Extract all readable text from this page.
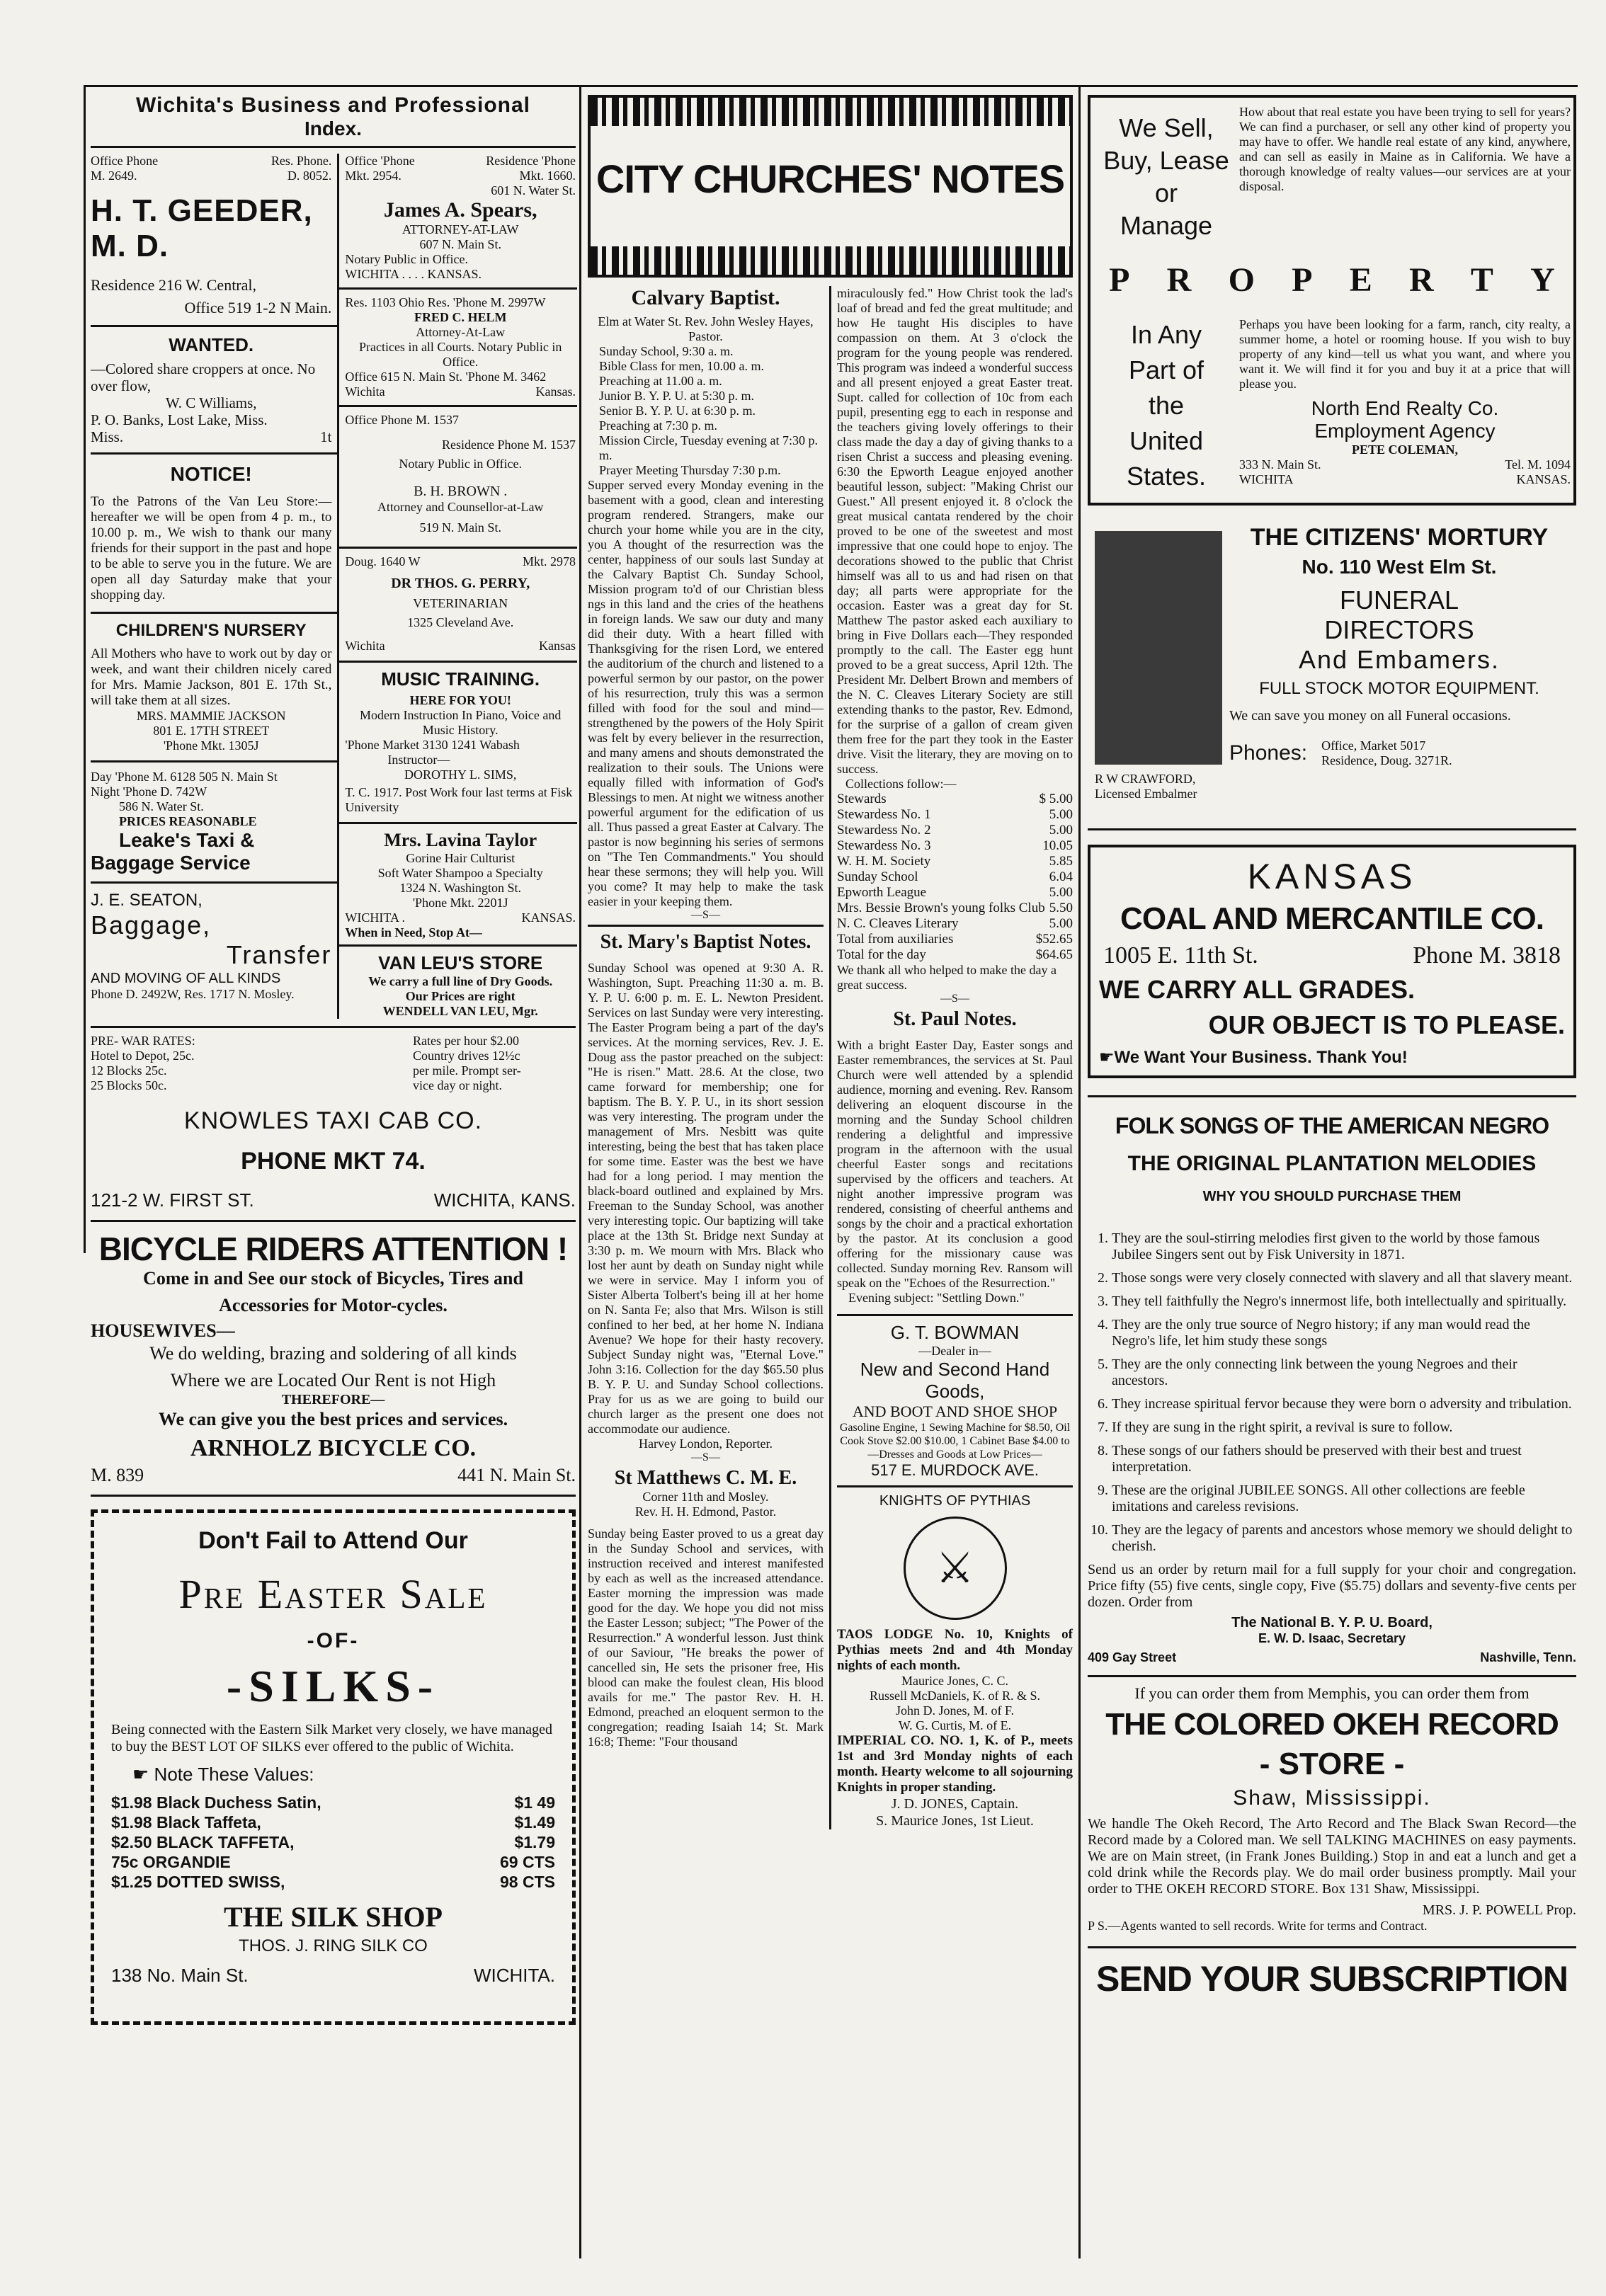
Wichita's Business and Professional
Index.
Office Phone
M. 2649.
Res. Phone.
D. 8052.
H. T. GEEDER, M. D.
Residence 216 W. Central,
Office 519 1-2 N Main.
WANTED.
—Colored share croppers at once. No over flow,
W. C Williams,
P. O. Banks, Lost Lake, Miss.
Miss.	1t
NOTICE!
To the Patrons of the Van Leu Store:—hereafter we will be open from 4 p. m., to 10.00 p. m., We wish to thank our many friends for their support in the past and hope to be able to serve you in the future. We are open all day Saturday make that your shopping day.
CHILDREN'S NURSERY
All Mothers who have to work out by day or week, and want their children nicely cared for Mrs. Mamie Jackson, 801 E. 17th St., will take them at all sizes.
MRS. MAMMIE JACKSON
801 E. 17TH STREET
'Phone Mkt. 1305J
Day 'Phone M. 6128 505 N. Main St
Night 'Phone D. 742W
586 N. Water St.
PRICES REASONABLE
Leake's Taxi &
Baggage Service
J. E. SEATON,
Baggage,
Transfer
AND MOVING OF ALL KINDS
Phone D. 2492W, Res. 1717 N. Mosley.
Office 'Phone
Mkt. 2954.
Residence 'Phone
Mkt. 1660.
601 N. Water St.
James A. Spears,
ATTORNEY-AT-LAW
607 N. Main St.
Notary Public in Office.
WICHITA . . . . KANSAS.
Res. 1103 Ohio Res. 'Phone M. 2997W
FRED C. HELM
Attorney-At-Law
Practices in all Courts. Notary Public in Office.
Office 615 N. Main St. 'Phone M. 3462
Wichita	Kansas.
Office Phone M. 1537
Residence Phone M. 1537
Notary Public in Office.
B. H. BROWN .
Attorney and Counsellor-at-Law
519 N. Main St.
Doug. 1640 W	Mkt. 2978
DR THOS. G. PERRY,
VETERINARIAN
1325 Cleveland Ave.
Wichita	Kansas
MUSIC TRAINING.
HERE FOR YOU!
Modern Instruction In Piano, Voice and Music History.
'Phone Market 3130 1241 Wabash
Instructor—
DOROTHY L. SIMS,
T. C. 1917. Post Work four last terms at Fisk University
Mrs. Lavina Taylor
Gorine Hair Culturist
Soft Water Shampoo a Specialty
1324 N. Washington St.
'Phone Mkt. 2201J
WICHITA .	KANSAS.
When in Need, Stop At—
VAN LEU'S STORE
We carry a full line of Dry Goods.
Our Prices are right
WENDELL VAN LEU, Mgr.
PRE- WAR RATES:
Hotel to Depot, 25c.
12 Blocks 25c.
25 Blocks 50c.
Rates per hour $2.00
Country drives 12½c
per mile. Prompt ser-
vice day or night.
KNOWLES TAXI CAB CO.
PHONE MKT 74.
121-2 W. FIRST ST.	WICHITA, KANS.
BICYCLE RIDERS ATTENTION !
Come in and See our stock of Bicycles, Tires and
Accessories for Motor-cycles.
HOUSEWIVES—
We do welding, brazing and soldering of all kinds
Where we are Located Our Rent is not High
THEREFORE—
We can give you the best prices and services.
ARNHOLZ BICYCLE CO.
M. 839	441 N. Main St.
Don't Fail to Attend Our
Pre Easter Sale
-OF-
-SILKS-
Being connected with the Eastern Silk Market very closely, we have managed to buy the BEST LOT OF SILKS ever offered to the public of Wichita.
☛ Note These Values:
$1.98 Black Duchess Satin,	$1 49
$1.98 Black Taffeta,	$1.49
$2.50 BLACK TAFFETA,	$1.79
75c ORGANDIE	69 CTS
$1.25 DOTTED SWISS,	98 CTS
THE SILK SHOP
THOS. J. RING SILK CO
138 No. Main St.	WICHITA.
CITY CHURCHES' NOTES
Calvary Baptist.
Elm at Water St. Rev. John Wesley Hayes, Pastor.
Sunday School, 9:30 a. m.
Bible Class for men, 10.00 a. m.
Preaching at 11.00 a. m.
Junior B. Y. P. U. at 5:30 p. m.
Senior B. Y. P. U. at 6:30 p. m.
Preaching at 7:30 p. m.
Mission Circle, Tuesday evening at 7:30 p. m.
Prayer Meeting Thursday 7:30 p.m.
Supper served every Monday evening in the basement with a good, clean and interesting program rendered. Strangers, make our church your home while you are in the city, you A thought of the resurrection was the center, happiness of our souls last Sunday at the Calvary Baptist Ch. Sunday School, Mission program to'd of our Christian bless ngs in this land and the cries of the heathens in foreign lands. We saw our duty and many did their duty. With a heart filled with Thanksgiving for the risen Lord, we entered the auditorium of the church and listened to a powerful sermon by our pastor, on the power of his resurrection, truly this was a sermon filled with food for the soul and mind—strengthened by the powers of the Holy Spirit was felt by every believer in the resurrection, and many amens and shouts demonstrated the realization to their souls. The Unions were equally filled with information of God's Blessings to men. At night we witness another powerful argument for the edification of us all. Thus passed a great Easter at Calvary. The pastor is now beginning his series of sermons on "The Ten Commandments." You should hear these sermons; they will help you. Will you come? It may help to make the task easier in your keeping them.
—S—
St. Mary's Baptist Notes.
Sunday School was opened at 9:30 A. R. Washington, Supt. Preaching 11:30 a. m. B. Y. P. U. 6:00 p. m. E. L. Newton President. Services on last Sunday were very interesting. The Easter Program being a part of the day's services. At the morning services, Rev. J. E. Doug ass the pastor preached on the subject: "He is risen." Matt. 28.6. At the close, two came forward for membership; one for baptism. The B. Y. P. U., in its short session was very interesting. The program under the management of Mrs. Nesbitt was quite interesting, being the best that has taken place for some time. Easter was the best we have had for a long period. I may mention the black-board outlined and explained by Mrs. Freeman to the Sunday School, was another very interesting topic. Our baptizing will take place at the 13th St. Bridge next Sunday at 3:30 p. m. We mourn with Mrs. Black who lost her aunt by death on Sunday night while we were in service. May I inform you of Sister Alberta Tolbert's being ill at her home on N. Santa Fe; also that Mrs. Wilson is still confined to her bed, at her home N. Indiana Avenue? We hope for their hasty recovery. Subject Sunday night was, "Eternal Love." John 3:16. Collection for the day $65.50 plus B. Y. P. U. and Sunday School collections. Pray for us as we are going to build our church larger as the present one does not accommodate our audience.
Harvey London, Reporter.
—S—
St Matthews C. M. E.
Corner 11th and Mosley.
Rev. H. H. Edmond, Pastor.
Sunday being Easter proved to us a great day in the Sunday School and services, with instruction received and interest manifested by each as well as the increased attendance. Easter morning the impression was made good for the day. We hope you did not miss the Easter Lesson; subject; "The Power of the Resurrection." A wonderful lesson. Just think of our Saviour, "He breaks the power of cancelled sin, He sets the prisoner free, His blood can make the foulest clean, His blood avails for me." The pastor Rev. H. H. Edmond, preached an eloquent sermon to the congregation; reading Isaiah 14; St. Mark 16:8; Theme: "Four thousand
miraculously fed." How Christ took the lad's loaf of bread and fed the great multitude; and how He taught His disciples to have compassion on them. At 3 o'clock the program for the young people was rendered. This program was indeed a wonderful success and all present enjoyed a great Easter treat. Supt. called for collection of 10c from each pupil, presenting egg to each in response and the teachers giving lovely offerings to their class made the day a day of giving thanks to a risen Christ a success and pleasing evening. 6:30 the Epworth League enjoyed another beautiful lesson, subject: "Making Christ our Guest." All present enjoyed it. 8 o'clock the great musical cantata rendered by the choir proved to be one of the sweetest and most impressive that one could hope to enjoy. The decorations showed to the public that Christ himself was all to us and had risen on that day; all parts were appropriate for the occasion. Easter was a great day for St. Matthew The pastor asked each auxiliary to bring in Five Dollars each—They responded promptly to the call. The Easter egg hunt proved to be a great success, April 12th. The President Mr. Delbert Brown and members of the N. C. Cleaves Literary Society are still extending thanks to the pastor, Rev. Edmond, for the surprise of a gallon of cream given them free for the part they took in the Easter drive. Visit the literary, they are moving on to success.
Collections follow:—
Stewards	$ 5.00
Stewardess No. 1	5.00
Stewardess No. 2	5.00
Stewardess No. 3	10.05
W. H. M. Society	5.85
Sunday School	6.04
Epworth League	5.00
Mrs. Bessie Brown's young folks Club 5.50
N. C. Cleaves Literary	5.00
Total from auxiliaries	$52.65
Total for the day	$64.65
We thank all who helped to make the day a great success.
—S—
St. Paul Notes.
With a bright Easter Day, Easter songs and Easter remembrances, the services at St. Paul Church were well attended by a splendid audience, morning and evening. Rev. Ransom delivering an eloquent discourse in the morning and the Sunday School children rendering a delightful and impressive program in the afternoon with the usual cheerful Easter songs and recitations supervised by the officers and teachers. At night another impressive program was rendered, consisting of cheerful anthems and songs by the choir and a practical exhortation by the pastor. At its conclusion a good offering for the missionary cause was collected. Sunday morning Rev. Ransom will speak on the "Echoes of the Resurrection."
Evening subject: "Settling Down."
G. T. BOWMAN
—Dealer in—
New and Second Hand
Goods,
AND BOOT AND SHOE SHOP
Gasoline Engine, 1 Sewing Machine for $8.50, Oil Cook Stove $2.00 $10.00, 1 Cabinet Base $4.00 to —Dresses and Goods at Low Prices—
517 E. MURDOCK AVE.
KNIGHTS OF PYTHIAS
⚔
TAOS LODGE No. 10, Knights of Pythias meets 2nd and 4th Monday nights of each month.
Maurice Jones, C. C.
Russell McDaniels, K. of R. & S.
John D. Jones, M. of F.
W. G. Curtis, M. of E.
IMPERIAL CO. NO. 1, K. of P., meets 1st and 3rd Monday nights of each month. Hearty welcome to all sojourning Knights in proper standing.
J. D. JONES, Captain.
S. Maurice Jones, 1st Lieut.
We Sell,
Buy, Lease
or
Manage
How about that real estate you have been trying to sell for years? We can find a purchaser, or sell any other kind of property you may have to offer. We handle real estate of any kind, anywhere, and can sell as easily in Maine as in California. We have a thorough knowledge of realty values—our services are at your disposal.
P R O P E R T Y
In Any
Part of
the
United
States.
Perhaps you have been looking for a farm, ranch, city realty, a summer home, a hotel or rooming house. If you wish to buy property of any kind—tell us what you want, and where you want it. We will find it for you and buy it at a price that will please you.
North End Realty Co.
Employment Agency
PETE COLEMAN,
333 N. Main St.	Tel. M. 1094
WICHITA	KANSAS.
R W CRAWFORD,
Licensed Embalmer
THE CITIZENS' MORTURY
No. 110 West Elm St.
FUNERAL
DIRECTORS
And Embamers.
FULL STOCK MOTOR EQUIPMENT.
We can save you money on all Funeral occasions.
Phones: Office, Market 5017
Residence, Doug. 3271R.
KANSAS
COAL AND MERCANTILE CO.
1005 E. 11th St.	Phone M. 3818
WE CARRY ALL GRADES.
OUR OBJECT IS TO PLEASE.
☛We Want Your Business. Thank You!
FOLK SONGS OF THE AMERICAN NEGRO
THE ORIGINAL PLANTATION MELODIES
WHY YOU SHOULD PURCHASE THEM
1. They are the soul-stirring melodies first given to the world by those famous Jubilee Singers sent out by Fisk University in 1871.
2. Those songs were very closely connected with slavery and all that slavery meant.
3. They tell faithfully the Negro's innermost life, both intellectually and spiritually.
4. They are the only true source of Negro history; if any man would read the Negro's life, let him study these songs
5. They are the only connecting link between the young Negroes and their ancestors.
6. They increase spiritual fervor because they were born o adversity and tribulation.
7. If they are sung in the right spirit, a revival is sure to follow.
8. These songs of our fathers should be preserved with their best and truest interpretation.
9. These are the original JUBILEE SONGS. All other collections are feeble imitations and careless revisions.
10. They are the legacy of parents and ancestors whose memory we should delight to cherish.
Send us an order by return mail for a full supply for your choir and congregation. Price fifty (55) five cents, single copy, Five ($5.75) dollars and seventy-five cents per dozen. Order from
The National B. Y. P. U. Board,
E. W. D. Isaac, Secretary
409 Gay Street	Nashville, Tenn.
If you can order them from Memphis, you can order them from
THE COLORED OKEH RECORD
- STORE -
Shaw, Mississippi.
We handle The Okeh Record, The Arto Record and The Black Swan Record—the Record made by a Colored man. We sell TALKING MACHINES on easy payments. We are on Main street, (in Frank Jones Building.) Stop in and eat a lunch and get a cold drink while the Records play. We do mail order business promptly. Mail your order to THE OKEH RECORD STORE. Box 131 Shaw, Mississippi.
MRS. J. P. POWELL Prop.
P S.—Agents wanted to sell records. Write for terms and Contract.
SEND YOUR SUBSCRIPTION
